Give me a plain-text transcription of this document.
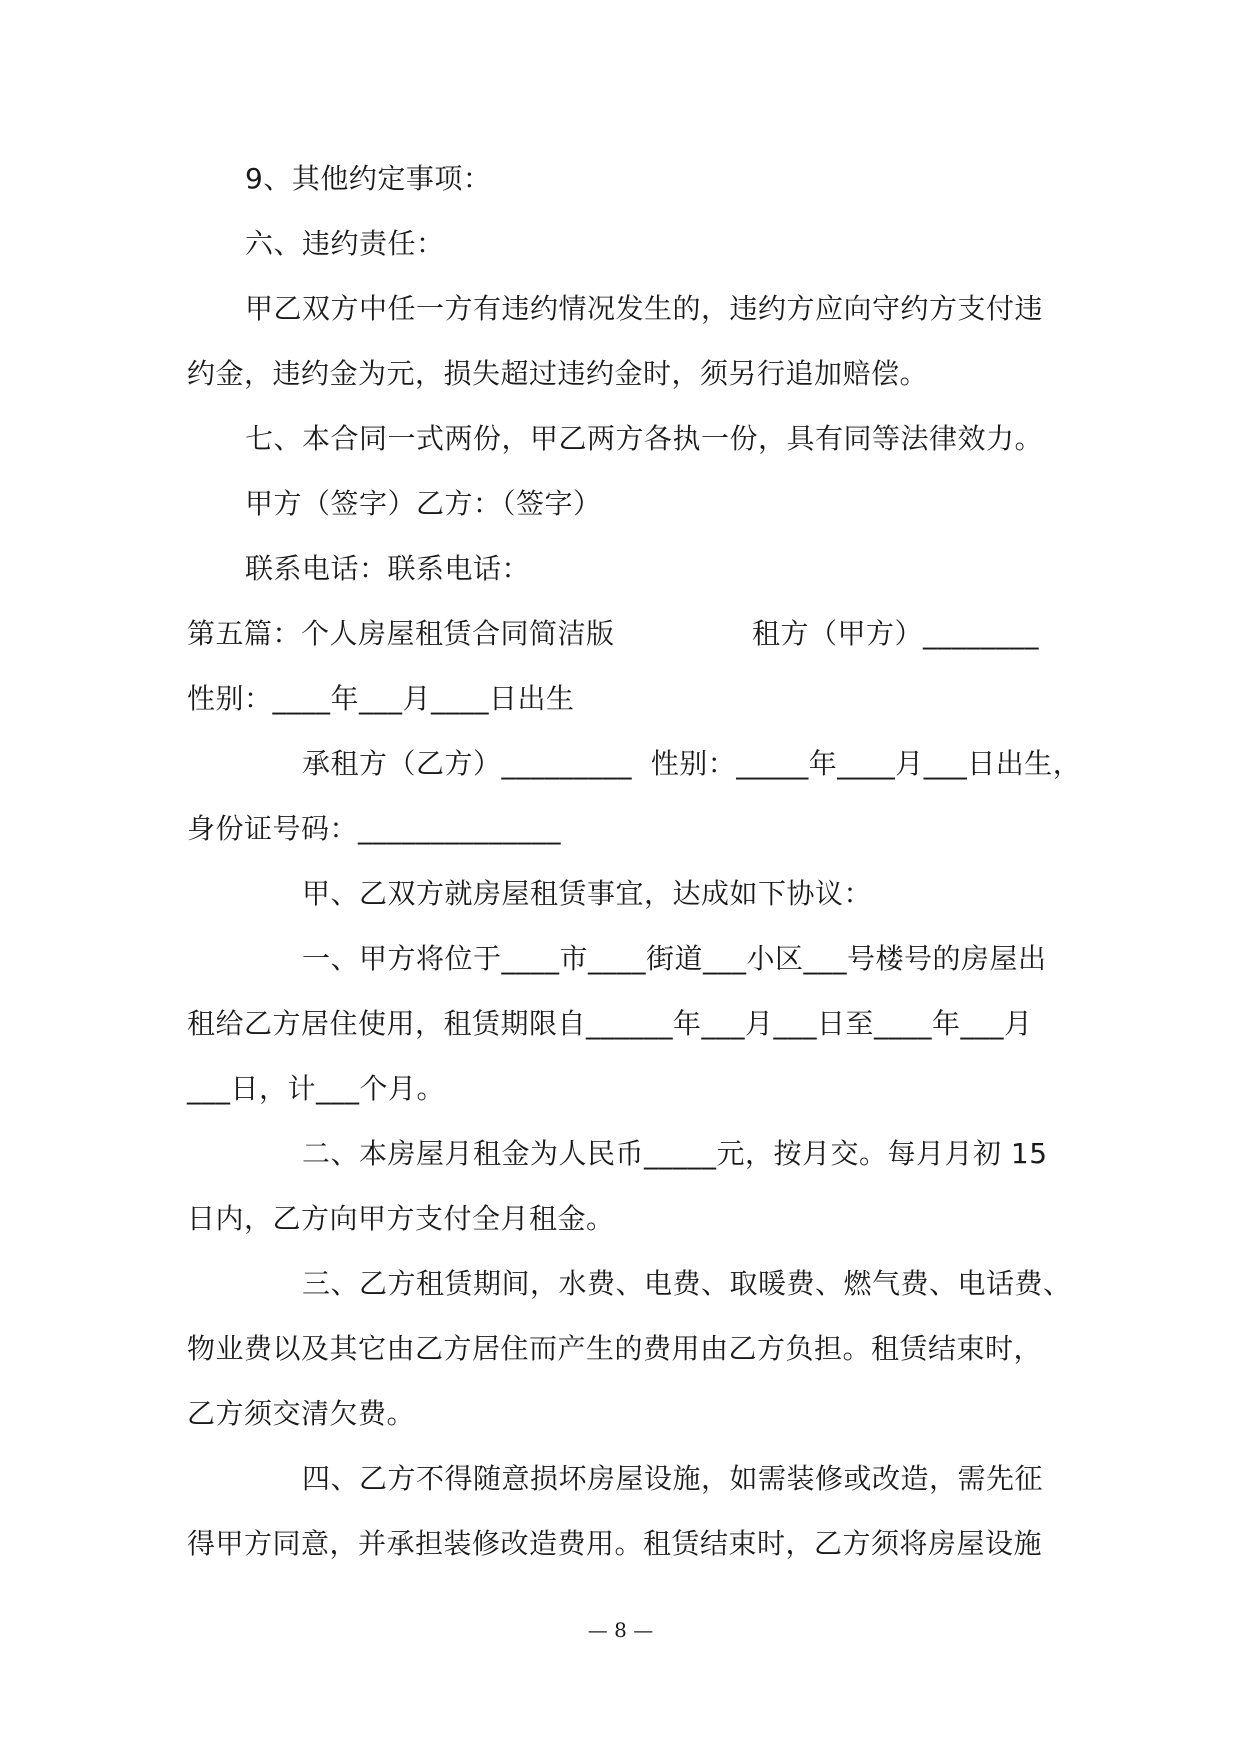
9、其他约定事项：
六、违约责任：
甲乙双方中任一方有违约情况发生的，违约方应向守约方支付违
约金，违约金为元，损失超过违约金时，须另行追加赔偿。
七、本合同一式两份，甲乙两方各执一份，具有同等法律效力。
甲方（签字）乙方：（签字）
联系电话：联系电话：
第五篇：个人房屋租赁合同简洁版	租方（甲方）________
性别：____年___月____日出生
承租方（乙方）_________  性别：_____年____月___日出生，
身份证号码：______________
甲、乙双方就房屋租赁事宜，达成如下协议：
一、甲方将位于____市____街道___小区___号楼号的房屋出
租给乙方居住使用，租赁期限自______年___月___日至____年___月
___日，计___个月。
二、本房屋月租金为人民币_____元，按月交。每月月初 15
日内，乙方向甲方支付全月租金。
三、乙方租赁期间，水费、电费、取暖费、燃气费、电话费、
物业费以及其它由乙方居住而产生的费用由乙方负担。租赁结束时，
乙方须交清欠费。
四、乙方不得随意损坏房屋设施，如需装修或改造，需先征
得甲方同意，并承担装修改造费用。租赁结束时，乙方须将房屋设施
— 8 —
